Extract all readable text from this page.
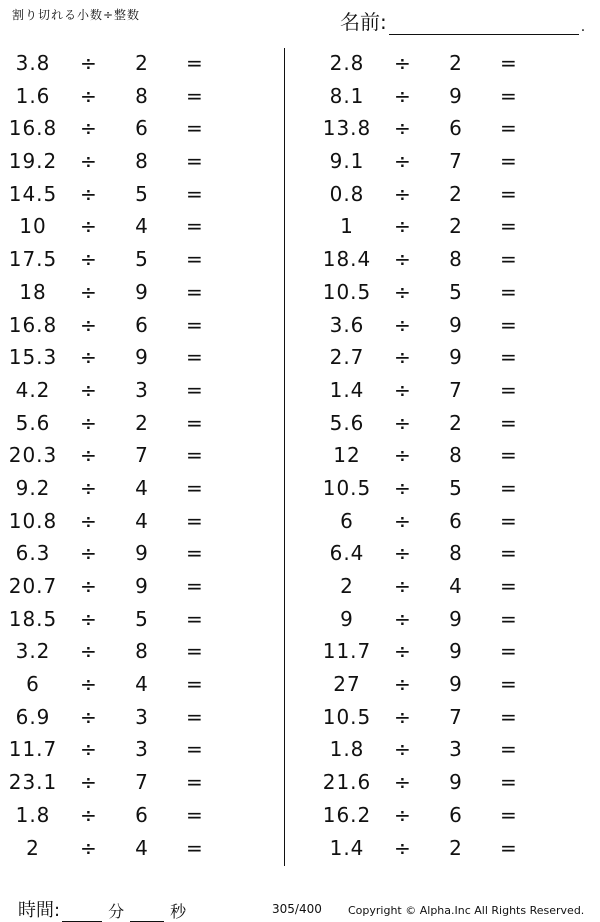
割り切れる小数÷整数	名前:	.
3.8	÷ 2 =
1.6	÷ 8 =
16.8	÷ 6 =
19.2	÷ 8 =
14.5	÷ 5 =
10	÷ 4 =
17.5	÷ 5 =
18	÷ 9 =
16.8	÷ 6 =
15.3	÷ 9 =
4.2	÷ 3 =
5.6	÷ 2 =
20.3	÷ 7 =
9.2	÷ 4 =
10.8	÷ 4 =
6.3	÷ 9 =
20.7	÷ 9 =
18.5	÷ 5 =
3.2	÷ 8 =
6	÷ 4 =
6.9	÷ 3 =
11.7	÷ 3 =
23.1	÷ 7 =
1.8	÷ 6 =
2	÷ 4 =
2.8	÷ 2 =
8.1	÷ 9 =
13.8	÷ 6 =
9.1	÷ 7 =
0.8	÷ 2 =
1	÷ 2 =
18.4	÷ 8 =
10.5	÷ 5 =
3.6	÷ 9 =
2.7	÷ 9 =
1.4	÷ 7 =
5.6	÷ 2 =
12	÷ 8 =
10.5	÷ 5 =
6	÷ 6 =
6.4	÷ 8 =
2	÷ 4 =
9	÷ 9 =
11.7	÷ 9 =
27	÷ 9 =
10.5	÷ 7 =
1.8	÷ 3 =
21.6	÷ 9 =
16.2	÷ 6 =
1.4	÷ 2 =
時間:	分	秒	305/400 Copyright © Alpha.Inc All Rights Reserved.
